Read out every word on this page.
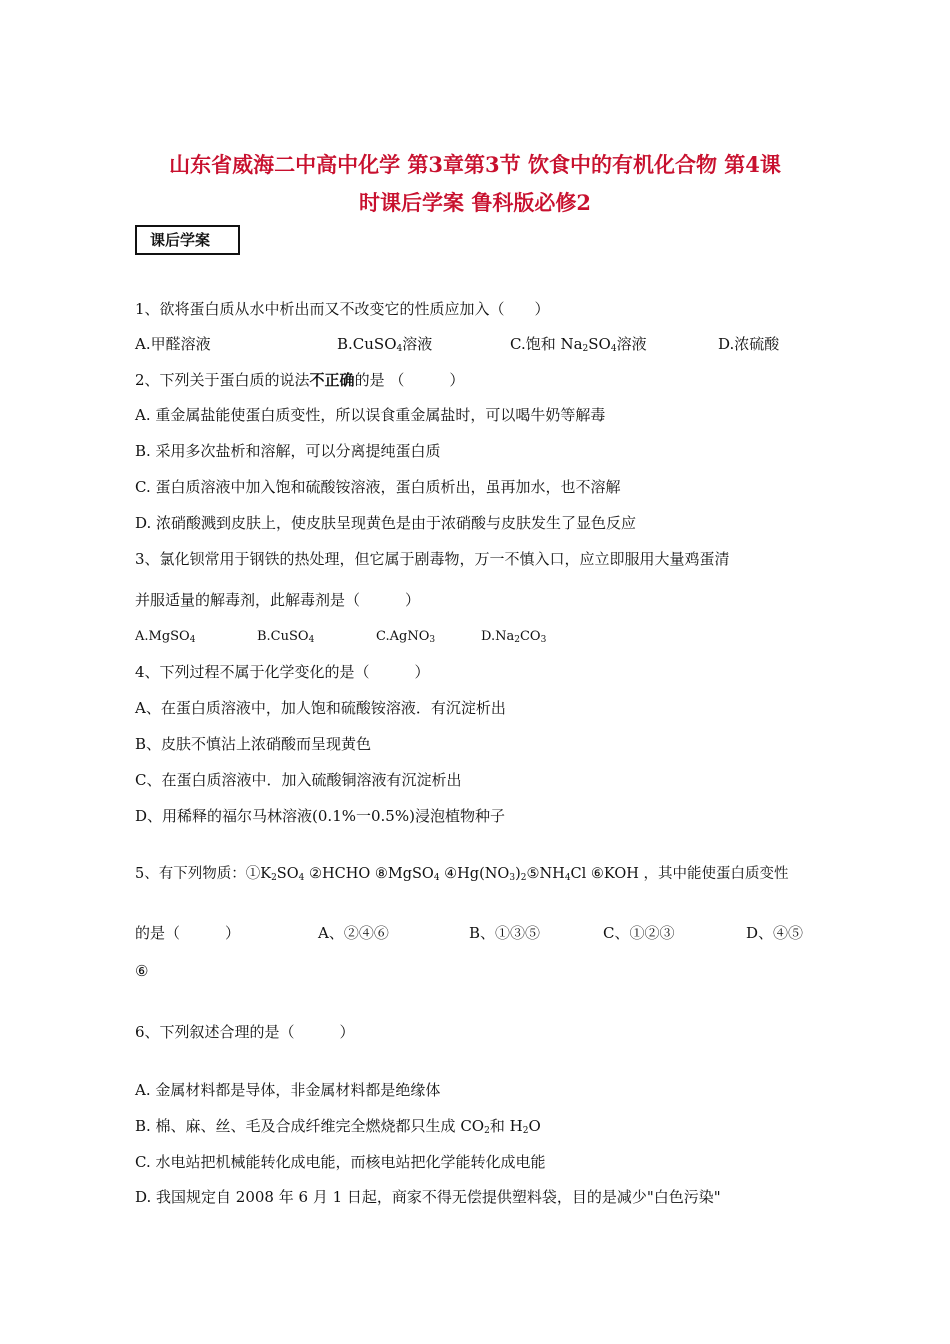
山东省威海二中高中化学 第3章第3节 饮食中的有机化合物 第4课
时课后学案 鲁科版必修2
课后学案
1、欲将蛋白质从水中析出而又不改变它的性质应加入（　　）
A.甲醛溶液	B.CuSO$_4$溶液	C.饱和 $Na_2SO_4$溶液	D.浓硫酸
2、下列关于蛋白质的说法不正确的是 （　　　）
A. 重金属盐能使蛋白质变性，所以误食重金属盐时，可以喝牛奶等解毒
B. 采用多次盐析和溶解，可以分离提纯蛋白质
C. 蛋白质溶液中加入饱和硫酸铵溶液，蛋白质析出，虽再加水，也不溶解
D. 浓硝酸溅到皮肤上，使皮肤呈现黄色是由于浓硝酸与皮肤发生了显色反应
3、氯化钡常用于钢铁的热处理，但它属于剧毒物，万一不慎入口，应立即服用大量鸡蛋清
并服适量的解毒剂，此解毒剂是（　　　）
A.MgSO$_4$	B.CuSO$_4$	C.AgNO$_3$	$D.Na_2CO_3$
4、下列过程不属于化学变化的是（　　　）
A、在蛋白质溶液中，加人饱和硫酸铵溶液．有沉淀析出
B、皮肤不慎沾上浓硝酸而呈现黄色
C、在蛋白质溶液中．加入硫酸铜溶液有沉淀析出
D、用稀释的福尔马林溶液(0.1%一0.5%)浸泡植物种子
5、有下列物质：$①K_2SO_4$ ②HCHO ⑧MgSO$_4$ $④Hg(NO_3)_2⑤NH_4Cl$ ⑥KOH ，其中能使蛋白质变性
的是（　　　）	A、②④⑥	B、①③⑤	C、①②③	D、④⑤
⑥
6、下列叙述合理的是（　　　）
A. 金属材料都是导体，非金属材料都是绝缘体
B. 棉、麻、丝、毛及合成纤维完全燃烧都只生成 $CO_2$和 $H_2O$
C. 水电站把机械能转化成电能，而核电站把化学能转化成电能
D. 我国规定自 2008 年 6 月 1 日起，商家不得无偿提供塑料袋，目的是减少"白色污染"
